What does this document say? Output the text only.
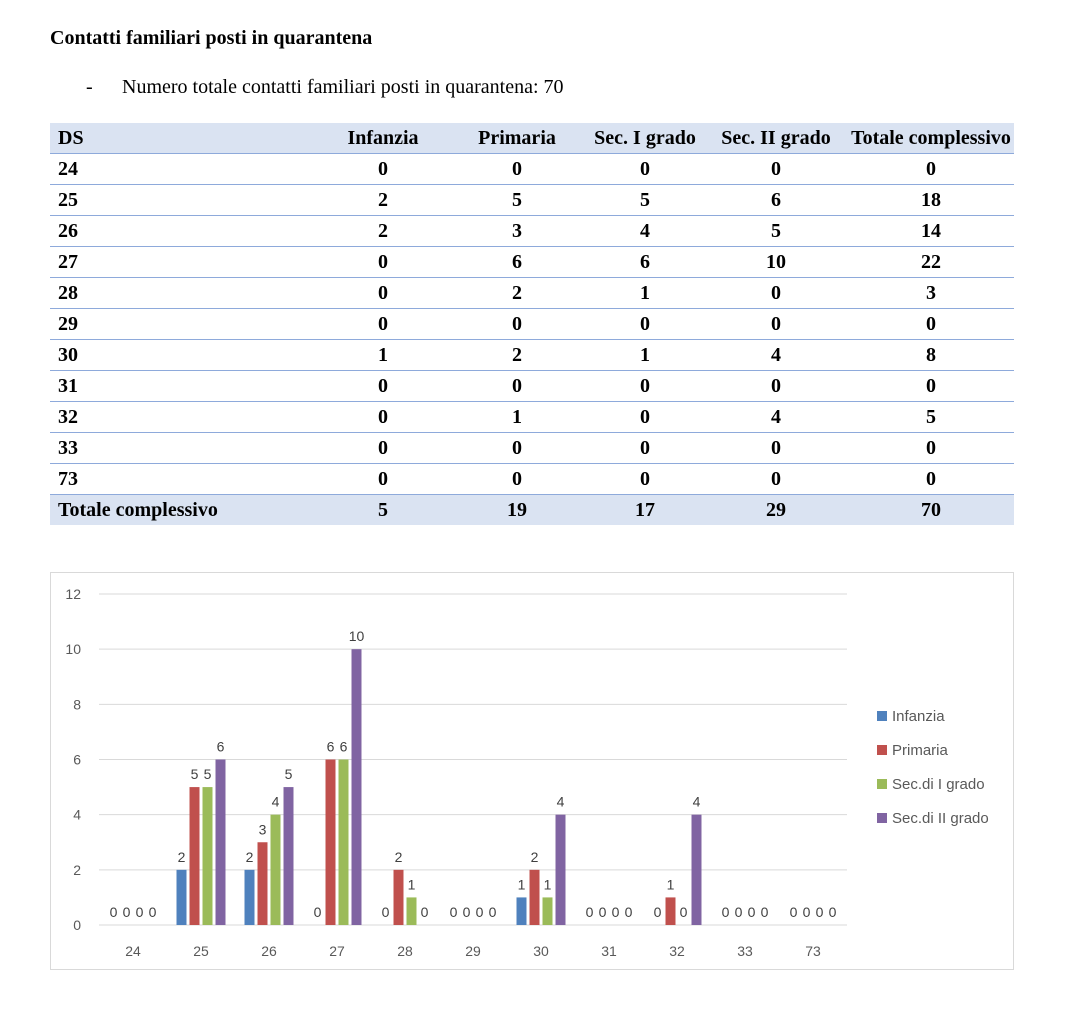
Contatti familiari posti in quarantena
- Numero totale contatti familiari posti in quarantena: 70
DS	Infanzia	Primaria	Sec. I grado	Sec. II grado	Totale complessivo
24	0	0	0	0	0
25	2	5	5	6	18
26	2	3	4	5	14
27	0	6	6	10	22
28	0	2	1	0	3
29	0	0	0	0	0
30	1	2	1	4	8
31	0	0	0	0	0
32	0	1	0	4	5
33	0	0	0	0	0
73	0	0	0	0	0
Totale complessivo	5	19	17	29	70
0
2
4
6
8
10
12
24
0 0 0 0
25
2
5 5
6
26
2
3
4
5
27
0
6 6
10
28
0
2
1
0
29
0 0 0 0
30
1
2
1
4
31
0 0 0 0
32
0
1
0
4
33
0 0 0 0
73
0 0 0 0
Infanzia
Primaria
Sec.di I grado
Sec.di II grado
